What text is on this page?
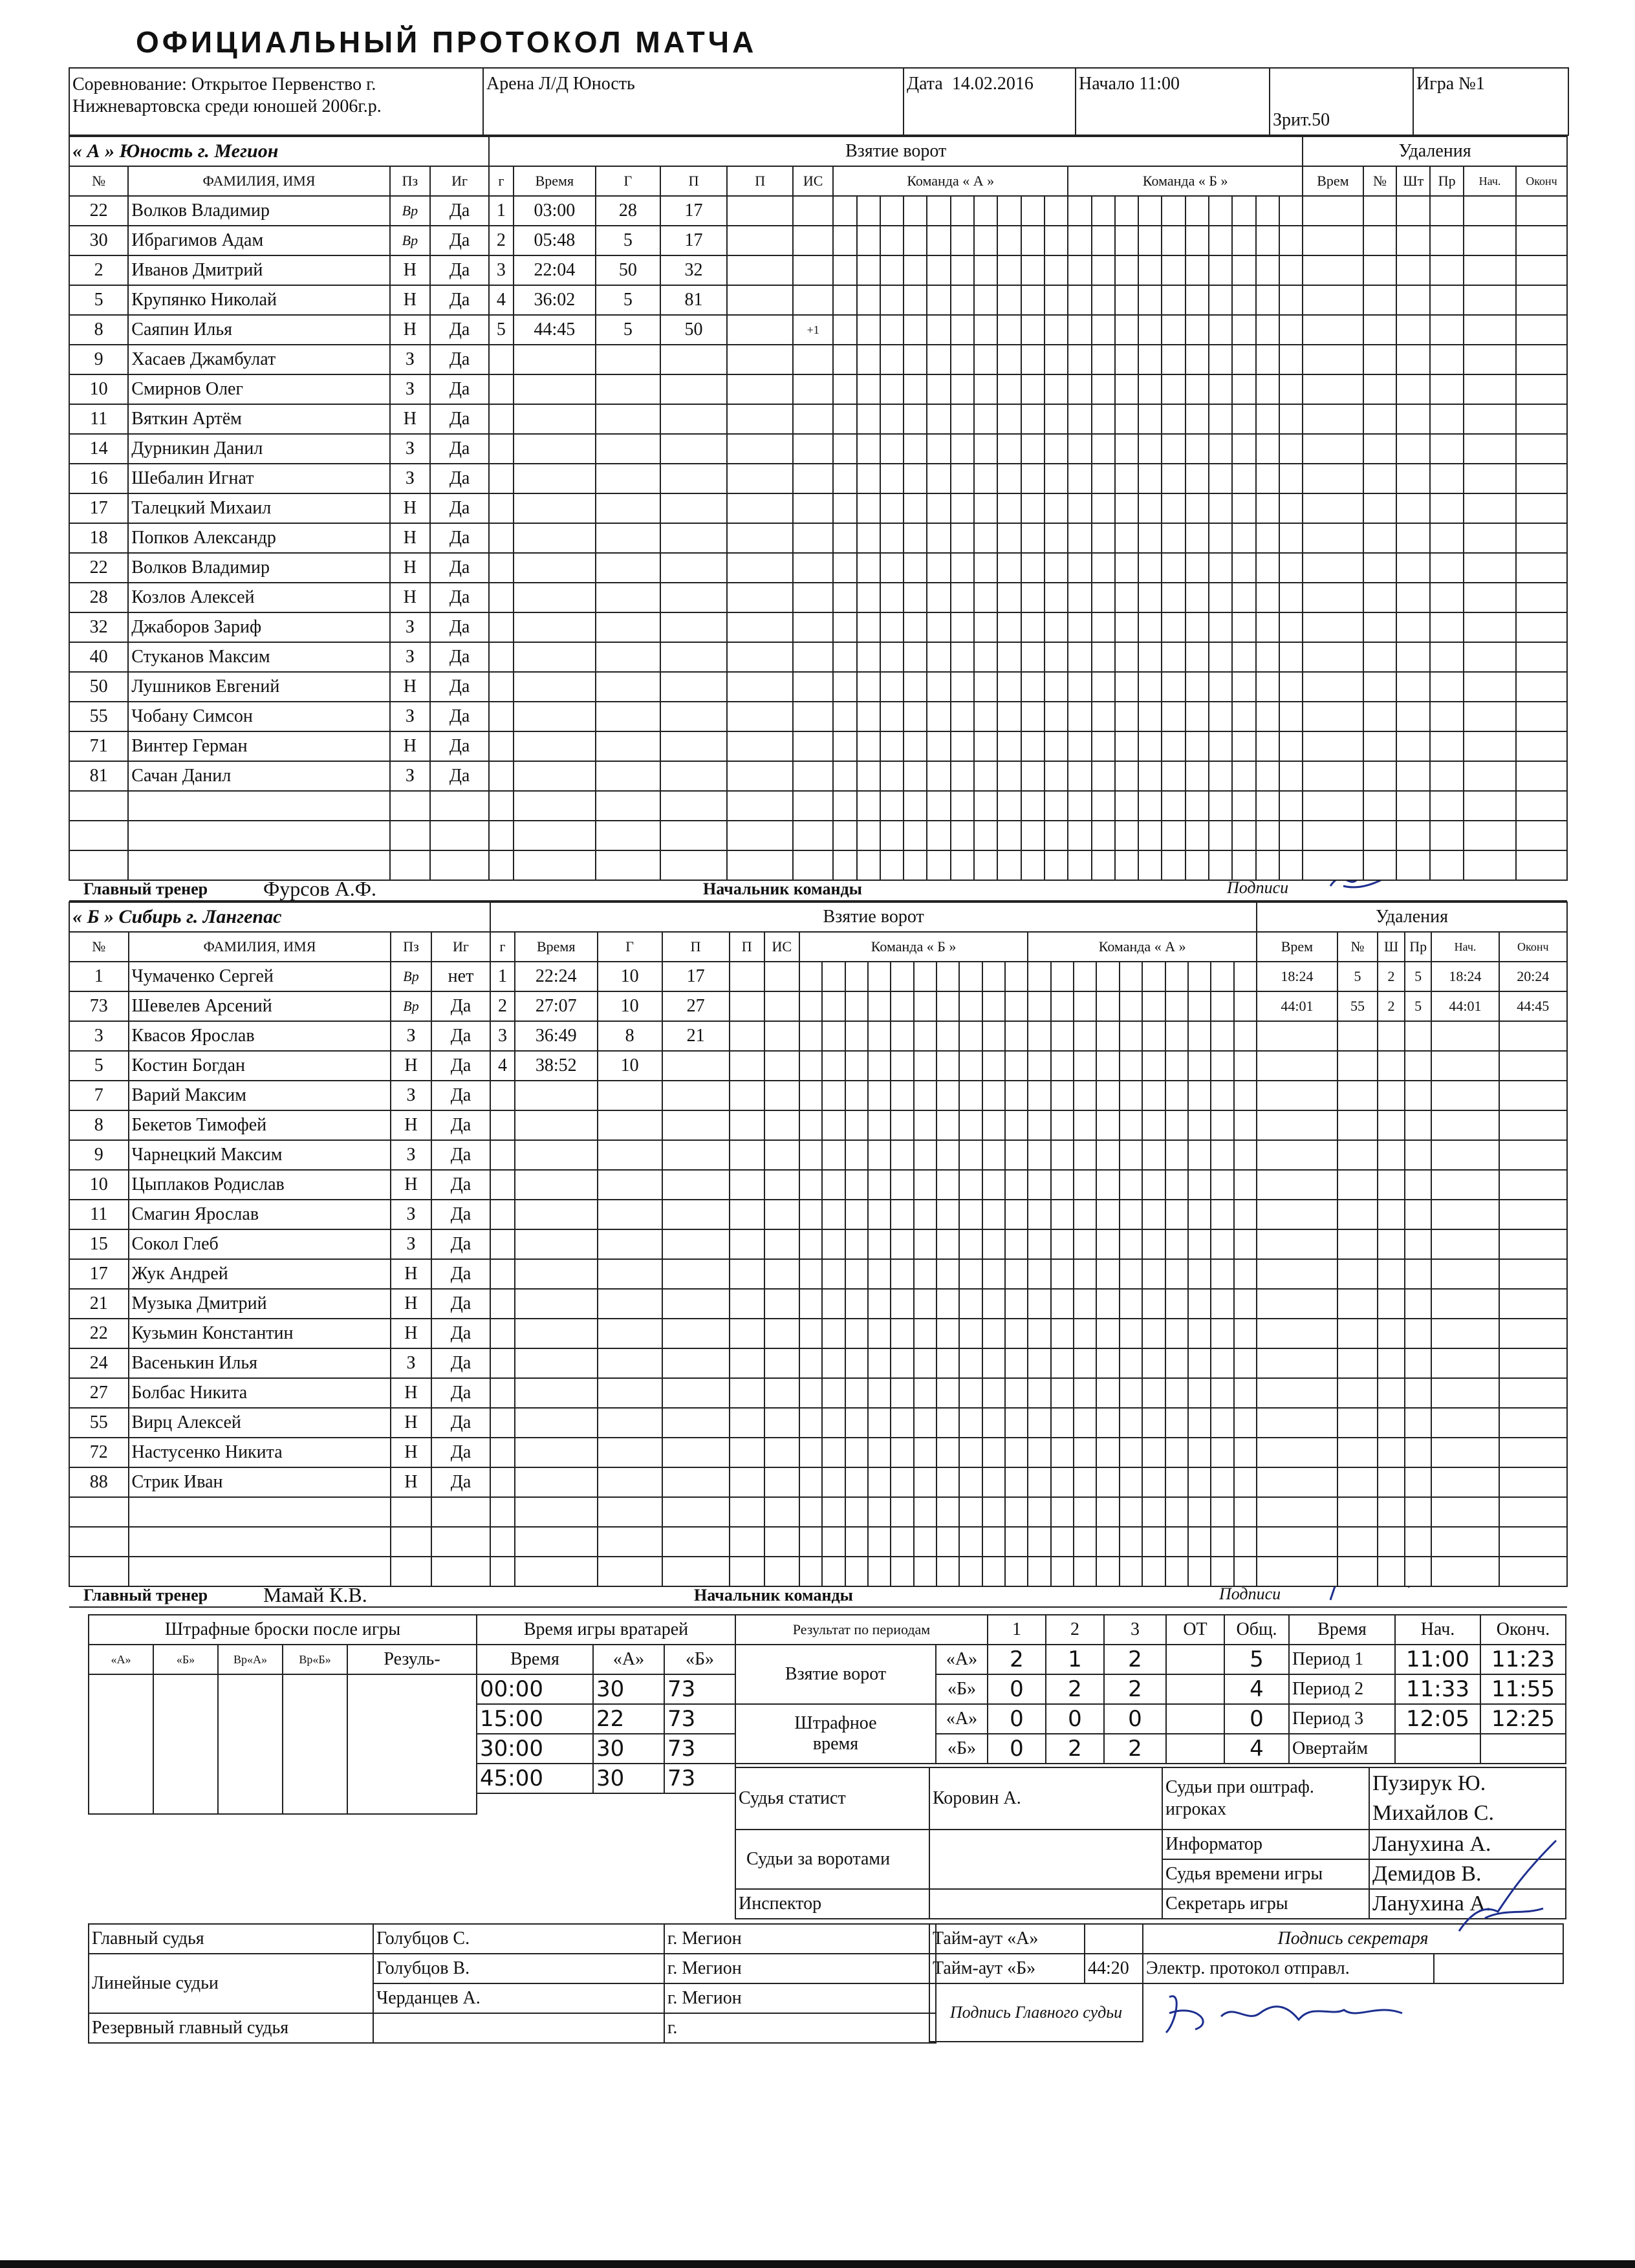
ОФИЦИАЛЬНЫЙ ПРОТОКОЛ МАТЧА
Соревнование: Открытое Первенство г. Нижневартовска среди юношей 2006г.р.	Арена Л/Д Юность	Дата 14.02.2016	Начало 11:00	Зрит.50	Игра №1
« А » Юность г. Мегион				Взятие ворот																										Удаления					
№	ФАМИЛИЯ, ИМЯ	Пз	Иг	г	Время	Г	П	П	ИС	Команда « А »										Команда « Б »										Врем	№	Шт	Пр	Нач.	Оконч
22	Волков Владимир	Вр	Да	1	03:00	28	17																												
30	Ибрагимов Адам	Вр	Да	2	05:48	5	17																												
2	Иванов Дмитрий	Н	Да	3	22:04	50	32																												
5	Крупянко Николай	Н	Да	4	36:02	5	81																												
8	Саяпин Илья	Н	Да	5	44:45	5	50		+1																										
9	Хасаев Джамбулат	З	Да																																
10	Смирнов Олег	З	Да																																
11	Вяткин Артём	Н	Да																																
14	Дурникин Данил	З	Да																																
16	Шебалин Игнат	З	Да																																
17	Талецкий Михаил	Н	Да																																
18	Попков Александр	Н	Да																																
22	Волков Владимир	Н	Да																																
28	Козлов Алексей	Н	Да																																
32	Джаборов Зариф	З	Да																																
40	Стуканов Максим	З	Да																																
50	Лушников Евгений	Н	Да																																
55	Чобану Симсон	З	Да																																
71	Винтер Герман	Н	Да																																
81	Сачан Данил	З	Да																																

Главный тренер Фурсов А.Ф. Начальник команды Подписи																																			
« Б » Сибирь г. Лангепас				Взятие ворот																										Удаления					
№	ФАМИЛИЯ, ИМЯ	Пз	Иг	г	Время	Г	П	П	ИС	Команда « Б »										Команда « А »										Врем	№	Ш	Пр	Нач.	Оконч
1	Чумаченко Сергей	Вр	нет	1	22:24	10	17																							18:24	5	2	5	18:24	20:24
73	Шевелев Арсений	Вр	Да	2	27:07	10	27																							44:01	55	2	5	44:01	44:45
3	Квасов Ярослав	З	Да	3	36:49	8	21																												
5	Костин Богдан	Н	Да	4	38:52	10																													
7	Варий Максим	З	Да																																
8	Бекетов Тимофей	Н	Да																																
9	Чарнецкий Максим	З	Да																																
10	Цыплаков Родислав	Н	Да																																
11	Смагин Ярослав	З	Да																																
15	Сокол Глеб	З	Да																																
17	Жук Андрей	Н	Да																																
21	Музыка Дмитрий	Н	Да																																
22	Кузьмин Константин	Н	Да																																
24	Васенькин Илья	З	Да																																
27	Болбас Никита	Н	Да																																
55	Вирц Алексей	Н	Да																																
72	Настусенко Никита	Н	Да																																
88	Стрик Иван	Н	Да																																

Главный тренер Мамай К.В. Начальник команды Подписи																																			
Штрафные броски после игры				
«А»	«Б»	Вр«А»	Вр«Б»	Резуль-

Время игры вратарей		
Время	«А»	«Б»
00:00	30	73
15:00	22	73
30:00	30	73
45:00	30	73
Результат по периодам		1	2	3	ОТ	Общ.
Взятие ворот	«А»	2	1	2		5
	«Б»	0	2	2		4
Штрафное время	«А»	0	0	0		0
	«Б»	0	2	2		4
Время	Нач.	Оконч.
Период 1	11:00	11:23
Период 2	11:33	11:55
Период 3	12:05	12:25
Овертайм		
Судья статист	Коровин А.	Судьи при оштраф. игроках	Пузирук Ю.
Михайлов С.
Судьи за воротами		Информатор	Ланухина А.
		Судья времени игры	Демидов В.
Инспектор		Секретарь игры	Ланухина А.
Главный судья	Голубцов С.	г. Мегион	
Линейные судьи	Голубцов В.	г. Мегион	
	Черданцев А.	г. Мегион	
Резервный главный судья		г.	
Тайм-аут «А»		Подпись секретаря	
Тайм-аут «Б»	44:20	Электр. протокол отправл.	
Подпись Главного судьи	
